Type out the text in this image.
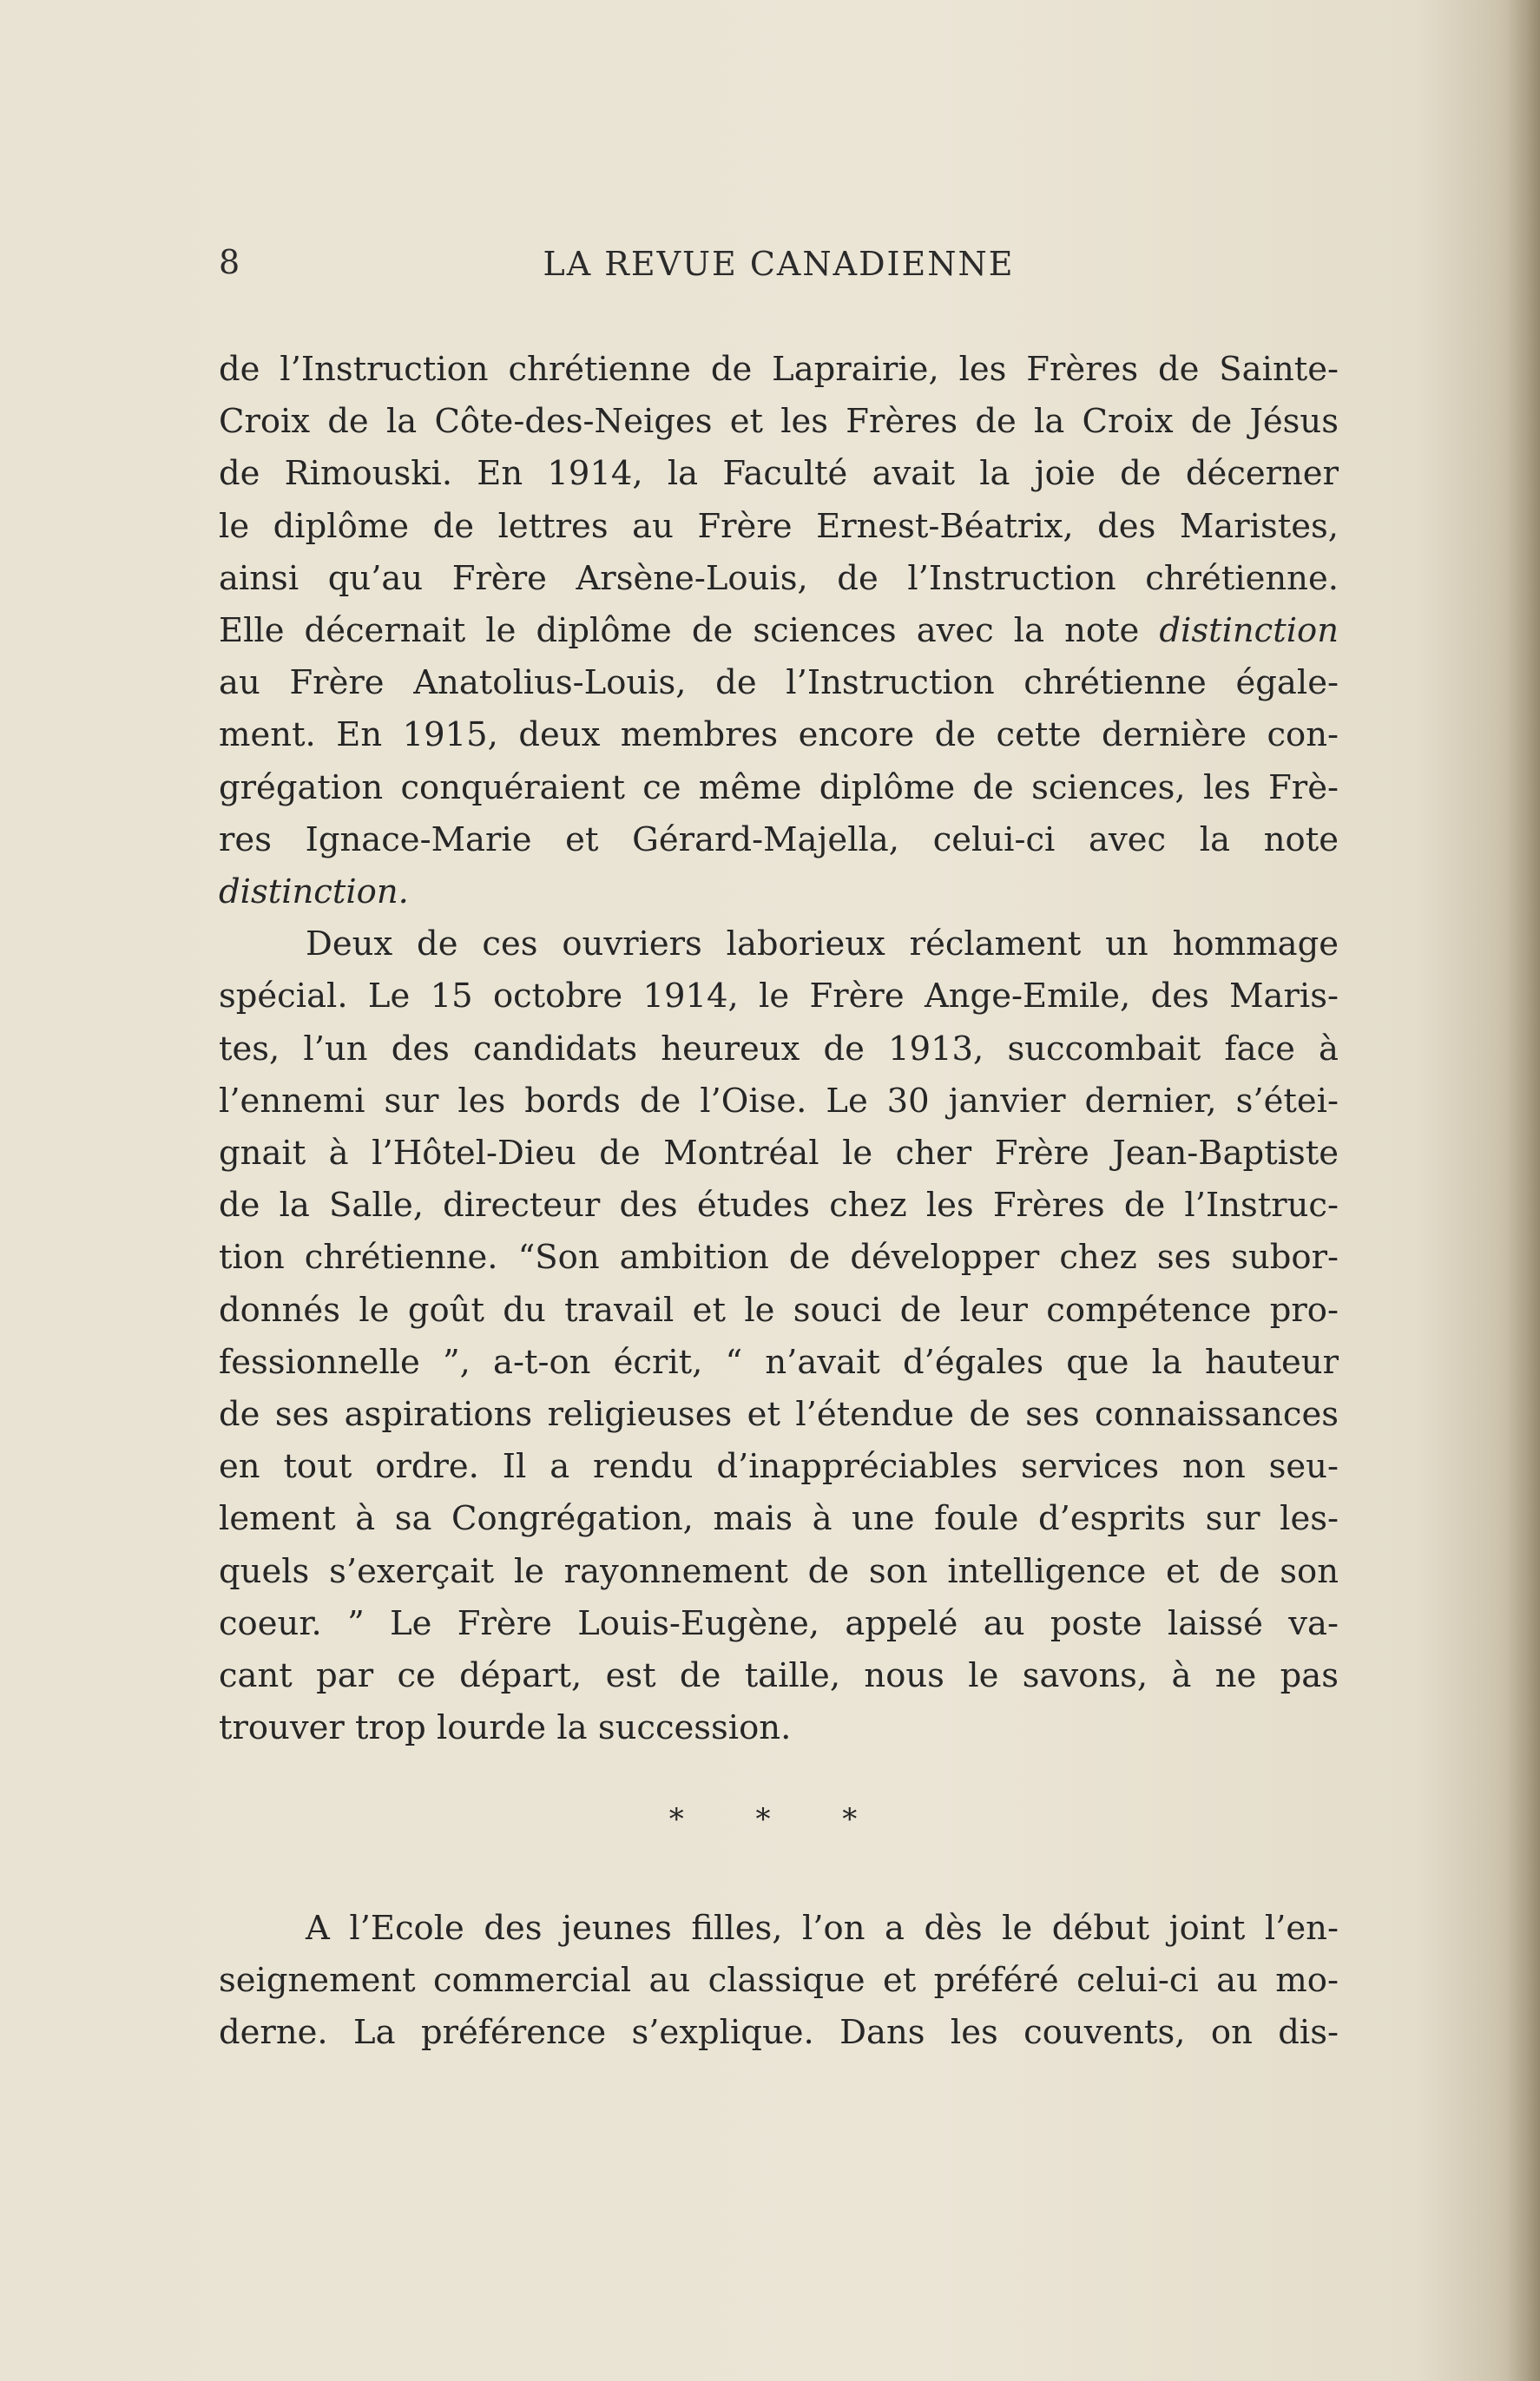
8	LA REVUE CANADIENNE

de l’Instruction chrétienne de Laprairie, les Frères de Sainte-
Croix de la Côte-des-Neiges et les Frères de la Croix de Jésus
de Rimouski. En 1914, la Faculté avait la joie de décerner
le diplôme de lettres au Frère Ernest-Béatrix, des Maristes,
ainsi qu’au Frère Arsène-Louis, de l’Instruction chrétienne.
Elle décernait le diplôme de sciences avec la note distinction
au Frère Anatolius-Louis, de l’Instruction chrétienne égale-
ment. En 1915, deux membres encore de cette dernière con-
grégation conquéraient ce même diplôme de sciences, les Frè-
res Ignace-Marie et Gérard-Majella, celui-ci avec la note
distinction.

Deux de ces ouvriers laborieux réclament un hommage
spécial. Le 15 octobre 1914, le Frère Ange-Emile, des Maris-
tes, l’un des candidats heureux de 1913, succombait face à
l’ennemi sur les bords de l’Oise. Le 30 janvier dernier, s’étei-
gnait à l’Hôtel-Dieu de Montréal le cher Frère Jean-Baptiste
de la Salle, directeur des études chez les Frères de l’Instruc-
tion chrétienne. “Son ambition de développer chez ses subor-
donnés le goût du travail et le souci de leur compétence pro-
fessionnelle ”, a-t-on écrit, “ n’avait d’égales que la hauteur
de ses aspirations religieuses et l’étendue de ses connaissances
en tout ordre. Il a rendu d’inappréciables services non seu-
lement à sa Congrégation, mais à une foule d’esprits sur les-
quels s’exerçait le rayonnement de son intelligence et de son
coeur. ” Le Frère Louis-Eugène, appelé au poste laissé va-
cant par ce départ, est de taille, nous le savons, à ne pas
trouver trop lourde la succession.

* * *

A l’Ecole des jeunes filles, l’on a dès le début joint l’en-
seignement commercial au classique et préféré celui-ci au mo-
derne. La préférence s’explique. Dans les couvents, on dis-
